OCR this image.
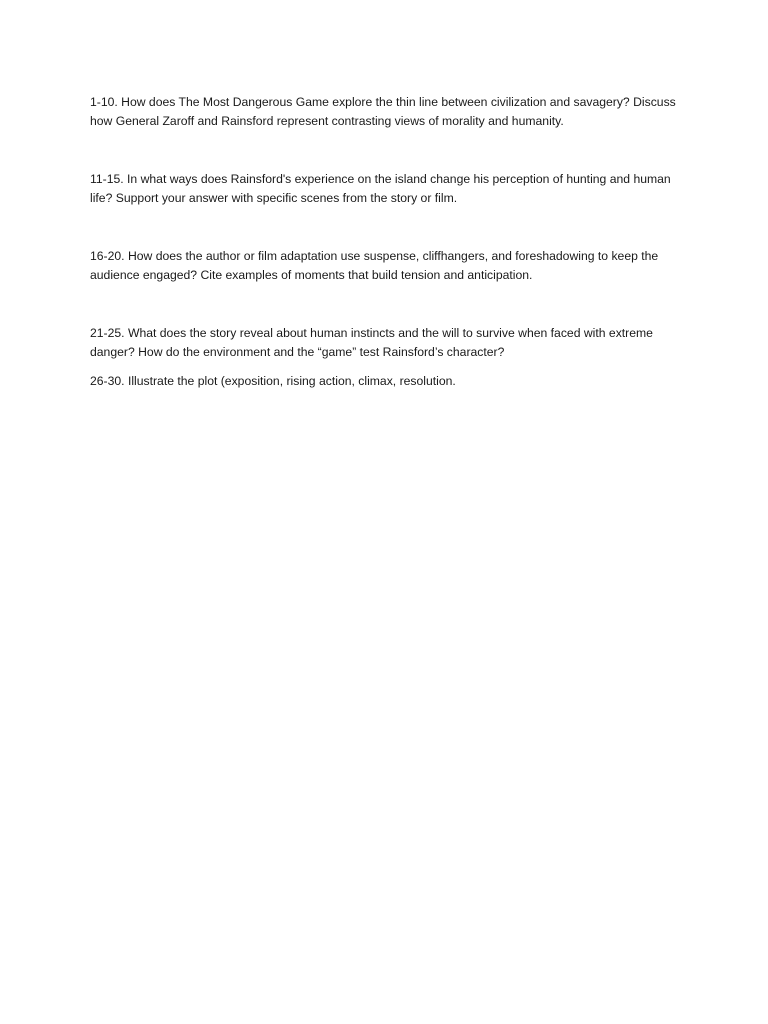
1-10. How does The Most Dangerous Game explore the thin line between civilization and savagery? Discuss how General Zaroff and Rainsford represent contrasting views of morality and humanity.

11-15. In what ways does Rainsford's experience on the island change his perception of hunting and human life? Support your answer with specific scenes from the story or film.

16-20. How does the author or film adaptation use suspense, cliffhangers, and foreshadowing to keep the audience engaged? Cite examples of moments that build tension and anticipation.

21-25. What does the story reveal about human instincts and the will to survive when faced with extreme danger? How do the environment and the “game” test Rainsford’s character?

26-30. Illustrate the plot (exposition, rising action, climax, resolution.
